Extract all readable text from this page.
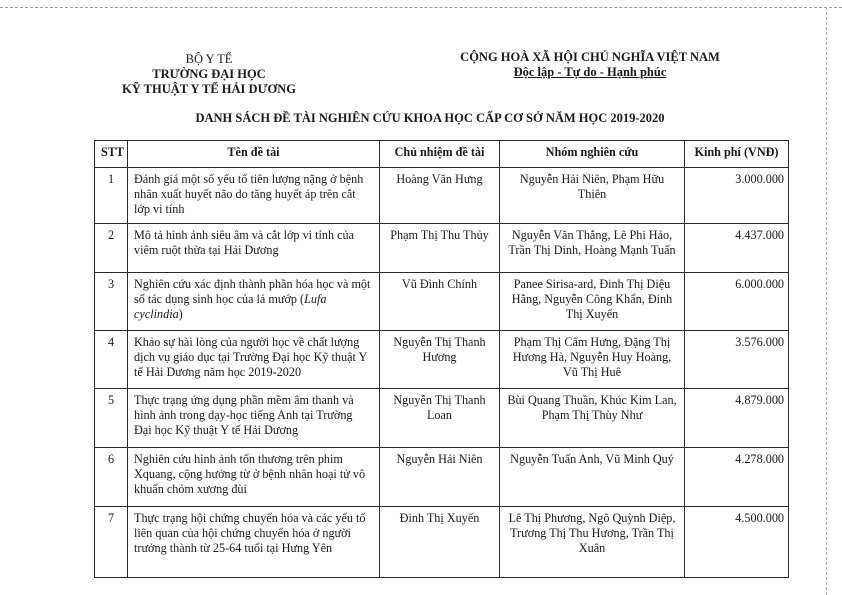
BỘ Y TẾ
TRƯỜNG ĐẠI HỌC
KỸ THUẬT Y TẾ HẢI DƯƠNG
CỘNG HOÀ XÃ HỘI CHỦ NGHĨA VIỆT NAM
Độc lập - Tự do - Hạnh phúc
DANH SÁCH ĐỀ TÀI NGHIÊN CỨU KHOA HỌC CẤP CƠ SỞ NĂM HỌC 2019-2020
STT	Tên đề tài	Chủ nhiệm đề tài	Nhóm nghiên cứu	Kinh phí (VNĐ)
1	Đánh giá một số yếu tố tiên lượng nặng ở bệnh nhân xuất huyết não do tăng huyết áp trên cắt lớp vi tính	Hoàng Văn Hưng	Nguyễn Hải Niên, Phạm Hữu Thiên	3.000.000
2	Mô tả hình ảnh siêu âm và cắt lớp vi tính của viêm ruột thừa tại Hải Dương	Phạm Thị Thu Thủy	Nguyễn Văn Thắng, Lê Phi Hảo, Trần Thị Dinh, Hoàng Mạnh Tuấn	4.437.000
3	Nghiên cứu xác định thành phần hóa học và một số tác dụng sinh học của lá mướp (Lufa cyclindia)	Vũ Đình Chính	Panee Sirisa-ard, Đinh Thị Diệu Hằng, Nguyễn Công Khẩn, Đinh Thị Xuyến	6.000.000
4	Khảo sự hài lòng của người học về chất lượng dịch vụ giáo dục tại Trường Đại học Kỹ thuật Y tế Hải Dương năm học 2019-2020	Nguyễn Thị Thanh Hương	Phạm Thị Cẩm Hưng, Đặng Thị Hương Hà, Nguyễn Huy Hoàng, Vũ Thị Huê	3.576.000
5	Thực trạng ứng dụng phần mềm âm thanh và hình ảnh trong dạy-học tiếng Anh tại Trường Đại học Kỹ thuật Y tế Hải Dương	Nguyễn Thị Thanh Loan	Bùi Quang Thuần, Khúc Kim Lan, Phạm Thị Thùy Như	4.879.000
6	Nghiên cứu hình ảnh tổn thương trên phim Xquang, cộng hưởng từ ở bệnh nhân hoại tử vô khuẩn chỏm xương đùi	Nguyễn Hải Niên	Nguyễn Tuấn Anh, Vũ Minh Quý	4.278.000
7	Thực trạng hội chứng chuyển hóa và các yếu tố liên quan của hội chứng chuyển hóa ở người trưởng thành từ 25-64 tuổi tại Hưng Yên	Đinh Thị Xuyến	Lê Thị Phương, Ngô Quỳnh Diệp, Trương Thị Thu Hương, Trần Thị Xuân	4.500.000
